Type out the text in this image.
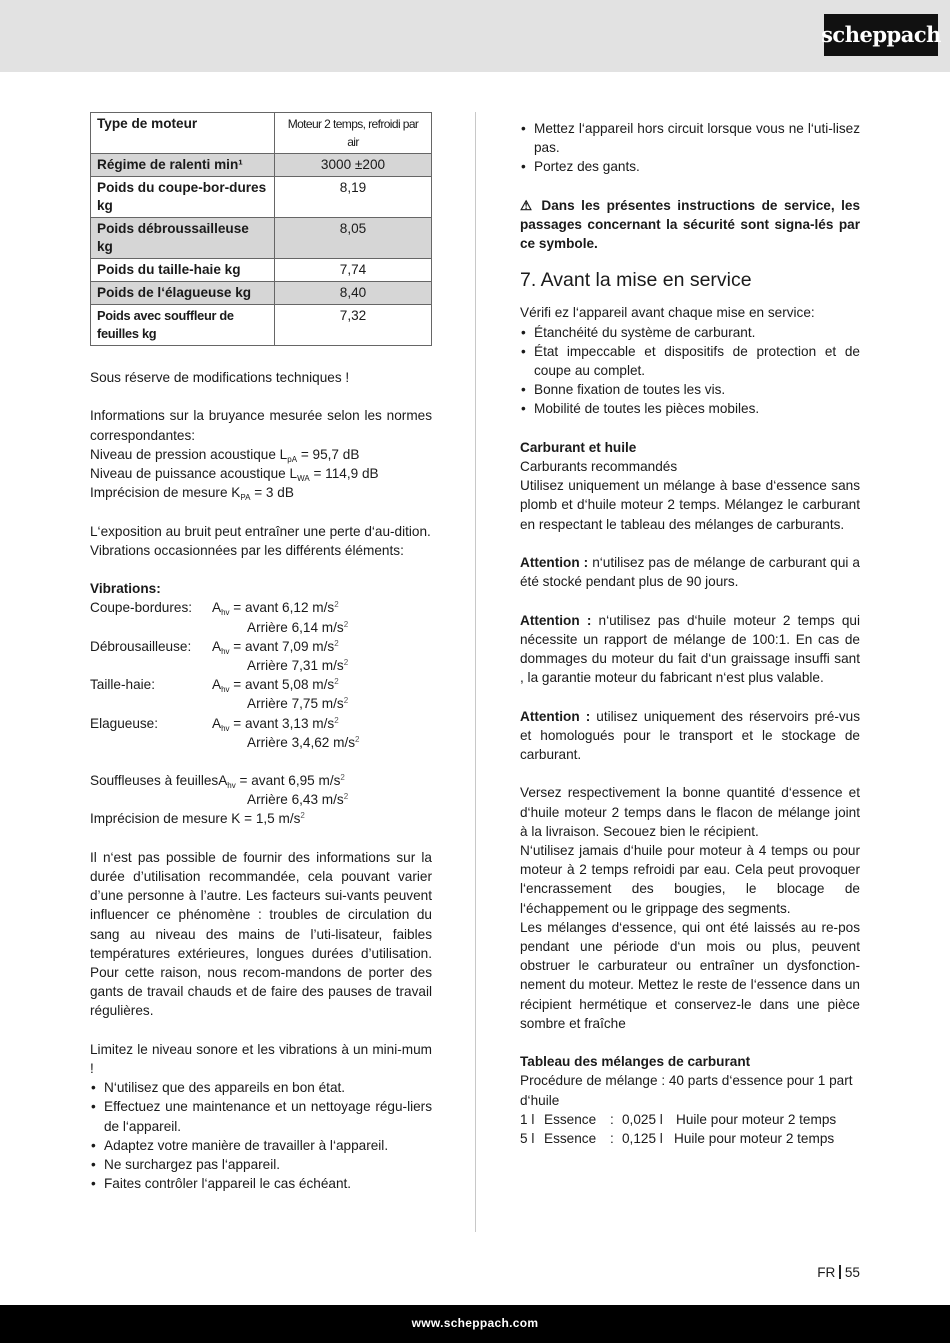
scheppach
Type de moteur	Moteur 2 temps, refroidi par air
Régime de ralenti min¹	3000 ±200
Poids du coupe-bor-dures kg	8,19
Poids débroussailleuse kg	8,05
Poids du taille-haie kg	7,74
Poids de l‘élagueuse kg	8,40
Poids avec souffleur de feuilles kg	7,32

Sous réserve de modifications techniques !

Informations sur la bruyance mesurée selon les normes correspondantes:

Niveau de pression acoustique $L_{pA} = 95,7$ dB
Niveau de puissance acoustique $L_{WA} = 114,9$ dB
Imprécision de mesure $K_{PA} = 3$ dB

L‘exposition au bruit peut entraîner une perte d‘au-dition.

Vibrations occasionnées par les différents éléments:

Vibrations:

Coupe-bordures: $A_{hv}$ = avant 6,12 $m/s^2$
Arrière 6,14 $m/s^2$
Débrousailleuse: $A_{hv}$ = avant 7,09 $m/s^2$
Arrière 7,31 $m/s^2$
Taille-haie:	$A_{hv}$ = avant 5,08 $m/s^2$
Arrière 7,75 $m/s^2$
Elagueuse:	$A_{hv}$ = avant 3,13 $m/s^2$
Arrière 3,4,62 $m/s^2$
Souffleuses à feuillesA$_{hv}$ = avant 6,95 $m/s^2$
Arrière 6,43 $m/s^2$
Imprécision de mesure K = 1,5 $m/s^2$

Il n‘est pas possible de fournir des informations sur la durée d’utilisation recommandée, cela pouvant varier d’une personne à l’autre. Les facteurs sui-vants peuvent influencer ce phénomène : troubles de circulation du sang au niveau des mains de l’uti-lisateur, faibles températures extérieures, longues durées d’utilisation. Pour cette raison, nous recom-mandons de porter des gants de travail chauds et de faire des pauses de travail régulières.

Limitez le niveau sonore et les vibrations à un mini-mum !

• N‘utilisez que des appareils en bon état.
• Effectuez une maintenance et un nettoyage régu-liers de l‘appareil.
• Adaptez votre manière de travailler à l‘appareil.
• Ne surchargez pas l‘appareil.
• Faites contrôler l‘appareil le cas échéant.
• Mettez l‘appareil hors circuit lorsque vous ne l‘uti-lisez pas.
• Portez des gants.

⚠ Dans les présentes instructions de service, les passages concernant la sécurité sont signa-lés par ce symbole.

7. Avant la mise en service

Vérifi ez l‘appareil avant chaque mise en service:

• Étanchéité du système de carburant.
• État impeccable et dispositifs de protection et de coupe au complet.
• Bonne fixation de toutes les vis.
• Mobilité de toutes les pièces mobiles.

Carburant et huile

Carburants recommandés

Utilisez uniquement un mélange à base d‘essence sans plomb et d‘huile moteur 2 temps. Mélangez le carburant en respectant le tableau des mélanges de carburants.

Attention : n‘utilisez pas de mélange de carburant qui a été stocké pendant plus de 90 jours.

Attention : n‘utilisez pas d‘huile moteur 2 temps qui nécessite un rapport de mélange de 100:1. En cas de dommages du moteur du fait d‘un graissage insuffi sant , la garantie moteur du fabricant n‘est plus valable.

Attention : utilisez uniquement des réservoirs pré-vus et homologués pour le transport et le stockage de carburant.

Versez respectivement la bonne quantité d‘essence et d‘huile moteur 2 temps dans le flacon de mélange joint à la livraison. Secouez bien le récipient.

N‘utilisez jamais d‘huile pour moteur à 4 temps ou pour moteur à 2 temps refroidi par eau. Cela peut provoquer l‘encrassement des bougies, le blocage de l‘échappement ou le grippage des segments.

Les mélanges d‘essence, qui ont été laissés au re-pos pendant une période d‘un mois ou plus, peuvent obstruer le carburateur ou entraîner un dysfonction-nement du moteur. Mettez le reste de l‘essence dans un récipient hermétique et conservez-le dans une pièce sombre et fraîche

Tableau des mélanges de carburant

Procédure de mélange : 40 parts d‘essence pour 1 part d‘huile

1 l Essence : 0,025 l Huile pour moteur 2 temps
5 l Essence : 0,125 l Huile pour moteur 2 temps
FR 55
www.scheppach.com
